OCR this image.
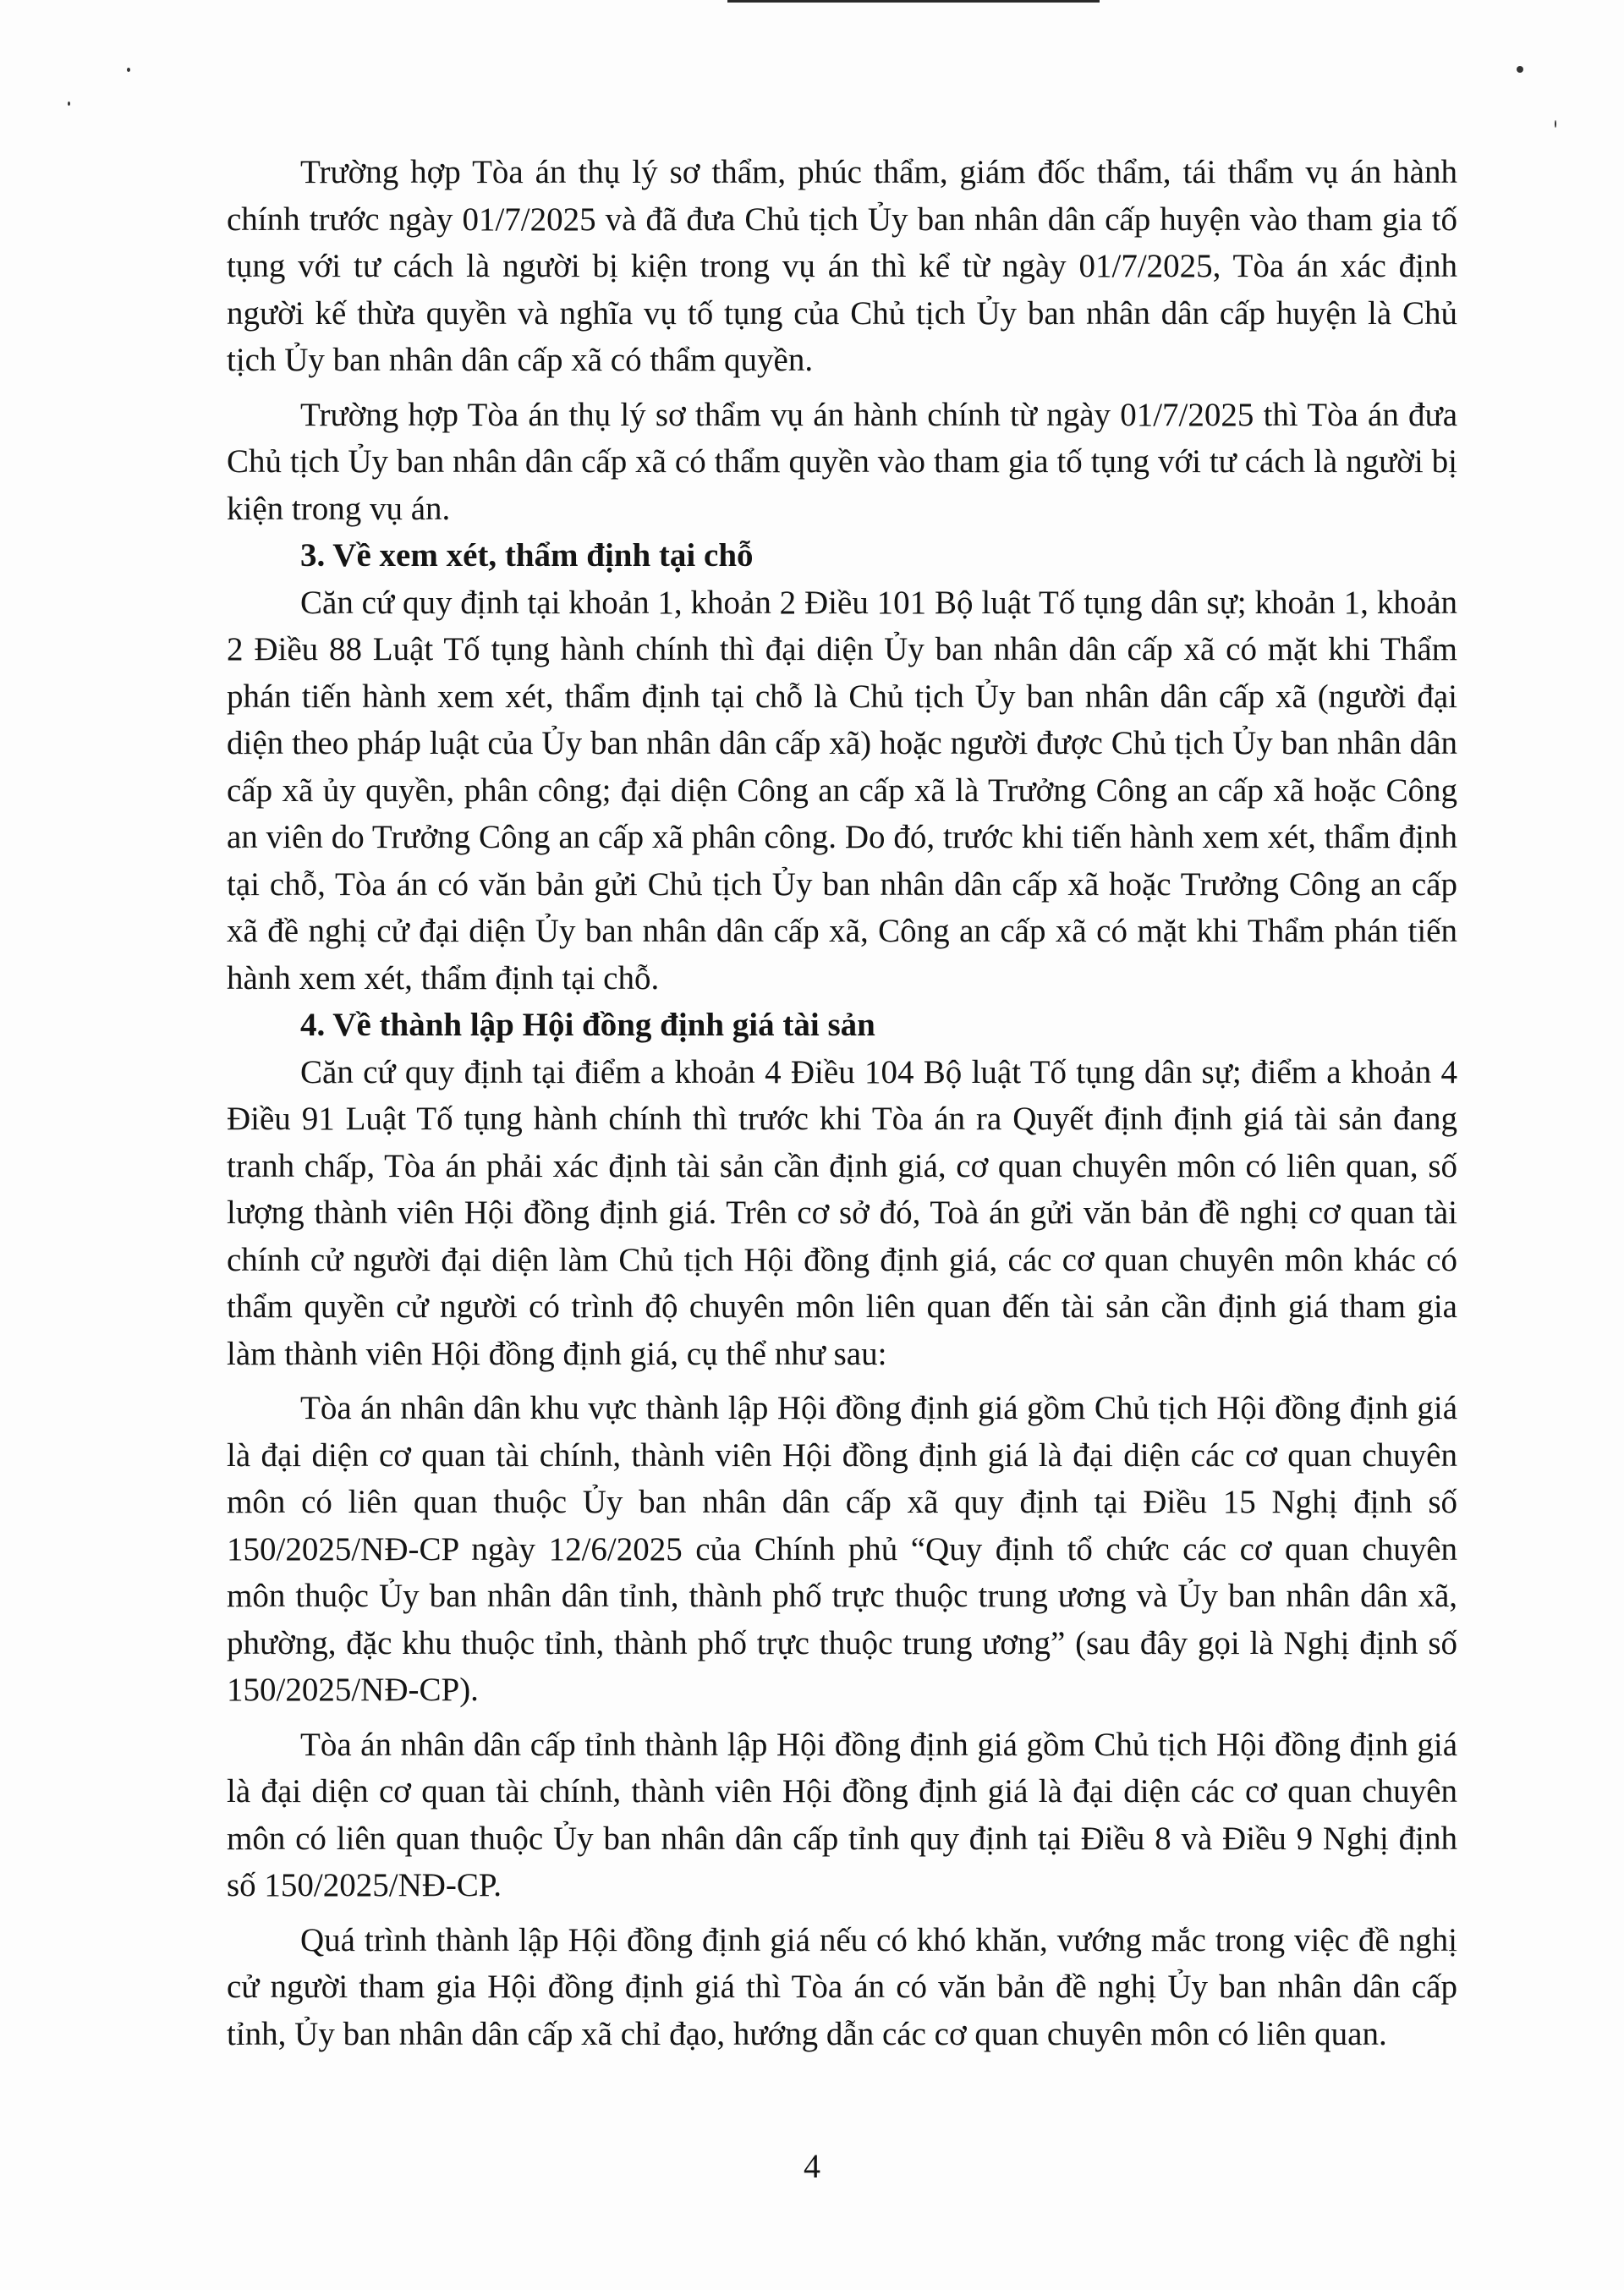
Trường hợp Tòa án thụ lý sơ thẩm, phúc thẩm, giám đốc thẩm, tái thẩm vụ án hành chính trước ngày 01/7/2025 và đã đưa Chủ tịch Ủy ban nhân dân cấp huyện vào tham gia tố tụng với tư cách là người bị kiện trong vụ án thì kể từ ngày 01/7/2025, Tòa án xác định người kế thừa quyền và nghĩa vụ tố tụng của Chủ tịch Ủy ban nhân dân cấp huyện là Chủ tịch Ủy ban nhân dân cấp xã có thẩm quyền.

Trường hợp Tòa án thụ lý sơ thẩm vụ án hành chính từ ngày 01/7/2025 thì Tòa án đưa Chủ tịch Ủy ban nhân dân cấp xã có thẩm quyền vào tham gia tố tụng với tư cách là người bị kiện trong vụ án.

3. Về xem xét, thẩm định tại chỗ

Căn cứ quy định tại khoản 1, khoản 2 Điều 101 Bộ luật Tố tụng dân sự; khoản 1, khoản 2 Điều 88 Luật Tố tụng hành chính thì đại diện Ủy ban nhân dân cấp xã có mặt khi Thẩm phán tiến hành xem xét, thẩm định tại chỗ là Chủ tịch Ủy ban nhân dân cấp xã (người đại diện theo pháp luật của Ủy ban nhân dân cấp xã) hoặc người được Chủ tịch Ủy ban nhân dân cấp xã ủy quyền, phân công; đại diện Công an cấp xã là Trưởng Công an cấp xã hoặc Công an viên do Trưởng Công an cấp xã phân công. Do đó, trước khi tiến hành xem xét, thẩm định tại chỗ, Tòa án có văn bản gửi Chủ tịch Ủy ban nhân dân cấp xã hoặc Trưởng Công an cấp xã đề nghị cử đại diện Ủy ban nhân dân cấp xã, Công an cấp xã có mặt khi Thẩm phán tiến hành xem xét, thẩm định tại chỗ.

4. Về thành lập Hội đồng định giá tài sản

Căn cứ quy định tại điểm a khoản 4 Điều 104 Bộ luật Tố tụng dân sự; điểm a khoản 4 Điều 91 Luật Tố tụng hành chính thì trước khi Tòa án ra Quyết định định giá tài sản đang tranh chấp, Tòa án phải xác định tài sản cần định giá, cơ quan chuyên môn có liên quan, số lượng thành viên Hội đồng định giá. Trên cơ sở đó, Toà án gửi văn bản đề nghị cơ quan tài chính cử người đại diện làm Chủ tịch Hội đồng định giá, các cơ quan chuyên môn khác có thẩm quyền cử người có trình độ chuyên môn liên quan đến tài sản cần định giá tham gia làm thành viên Hội đồng định giá, cụ thể như sau:

Tòa án nhân dân khu vực thành lập Hội đồng định giá gồm Chủ tịch Hội đồng định giá là đại diện cơ quan tài chính, thành viên Hội đồng định giá là đại diện các cơ quan chuyên môn có liên quan thuộc Ủy ban nhân dân cấp xã quy định tại Điều 15 Nghị định số 150/2025/NĐ-CP ngày 12/6/2025 của Chính phủ “Quy định tổ chức các cơ quan chuyên môn thuộc Ủy ban nhân dân tỉnh, thành phố trực thuộc trung ương và Ủy ban nhân dân xã, phường, đặc khu thuộc tỉnh, thành phố trực thuộc trung ương” (sau đây gọi là Nghị định số 150/2025/NĐ-CP).

Tòa án nhân dân cấp tỉnh thành lập Hội đồng định giá gồm Chủ tịch Hội đồng định giá là đại diện cơ quan tài chính, thành viên Hội đồng định giá là đại diện các cơ quan chuyên môn có liên quan thuộc Ủy ban nhân dân cấp tỉnh quy định tại Điều 8 và Điều 9 Nghị định số 150/2025/NĐ-CP.

Quá trình thành lập Hội đồng định giá nếu có khó khăn, vướng mắc trong việc đề nghị cử người tham gia Hội đồng định giá thì Tòa án có văn bản đề nghị Ủy ban nhân dân cấp tỉnh, Ủy ban nhân dân cấp xã chỉ đạo, hướng dẫn các cơ quan chuyên môn có liên quan.

4
